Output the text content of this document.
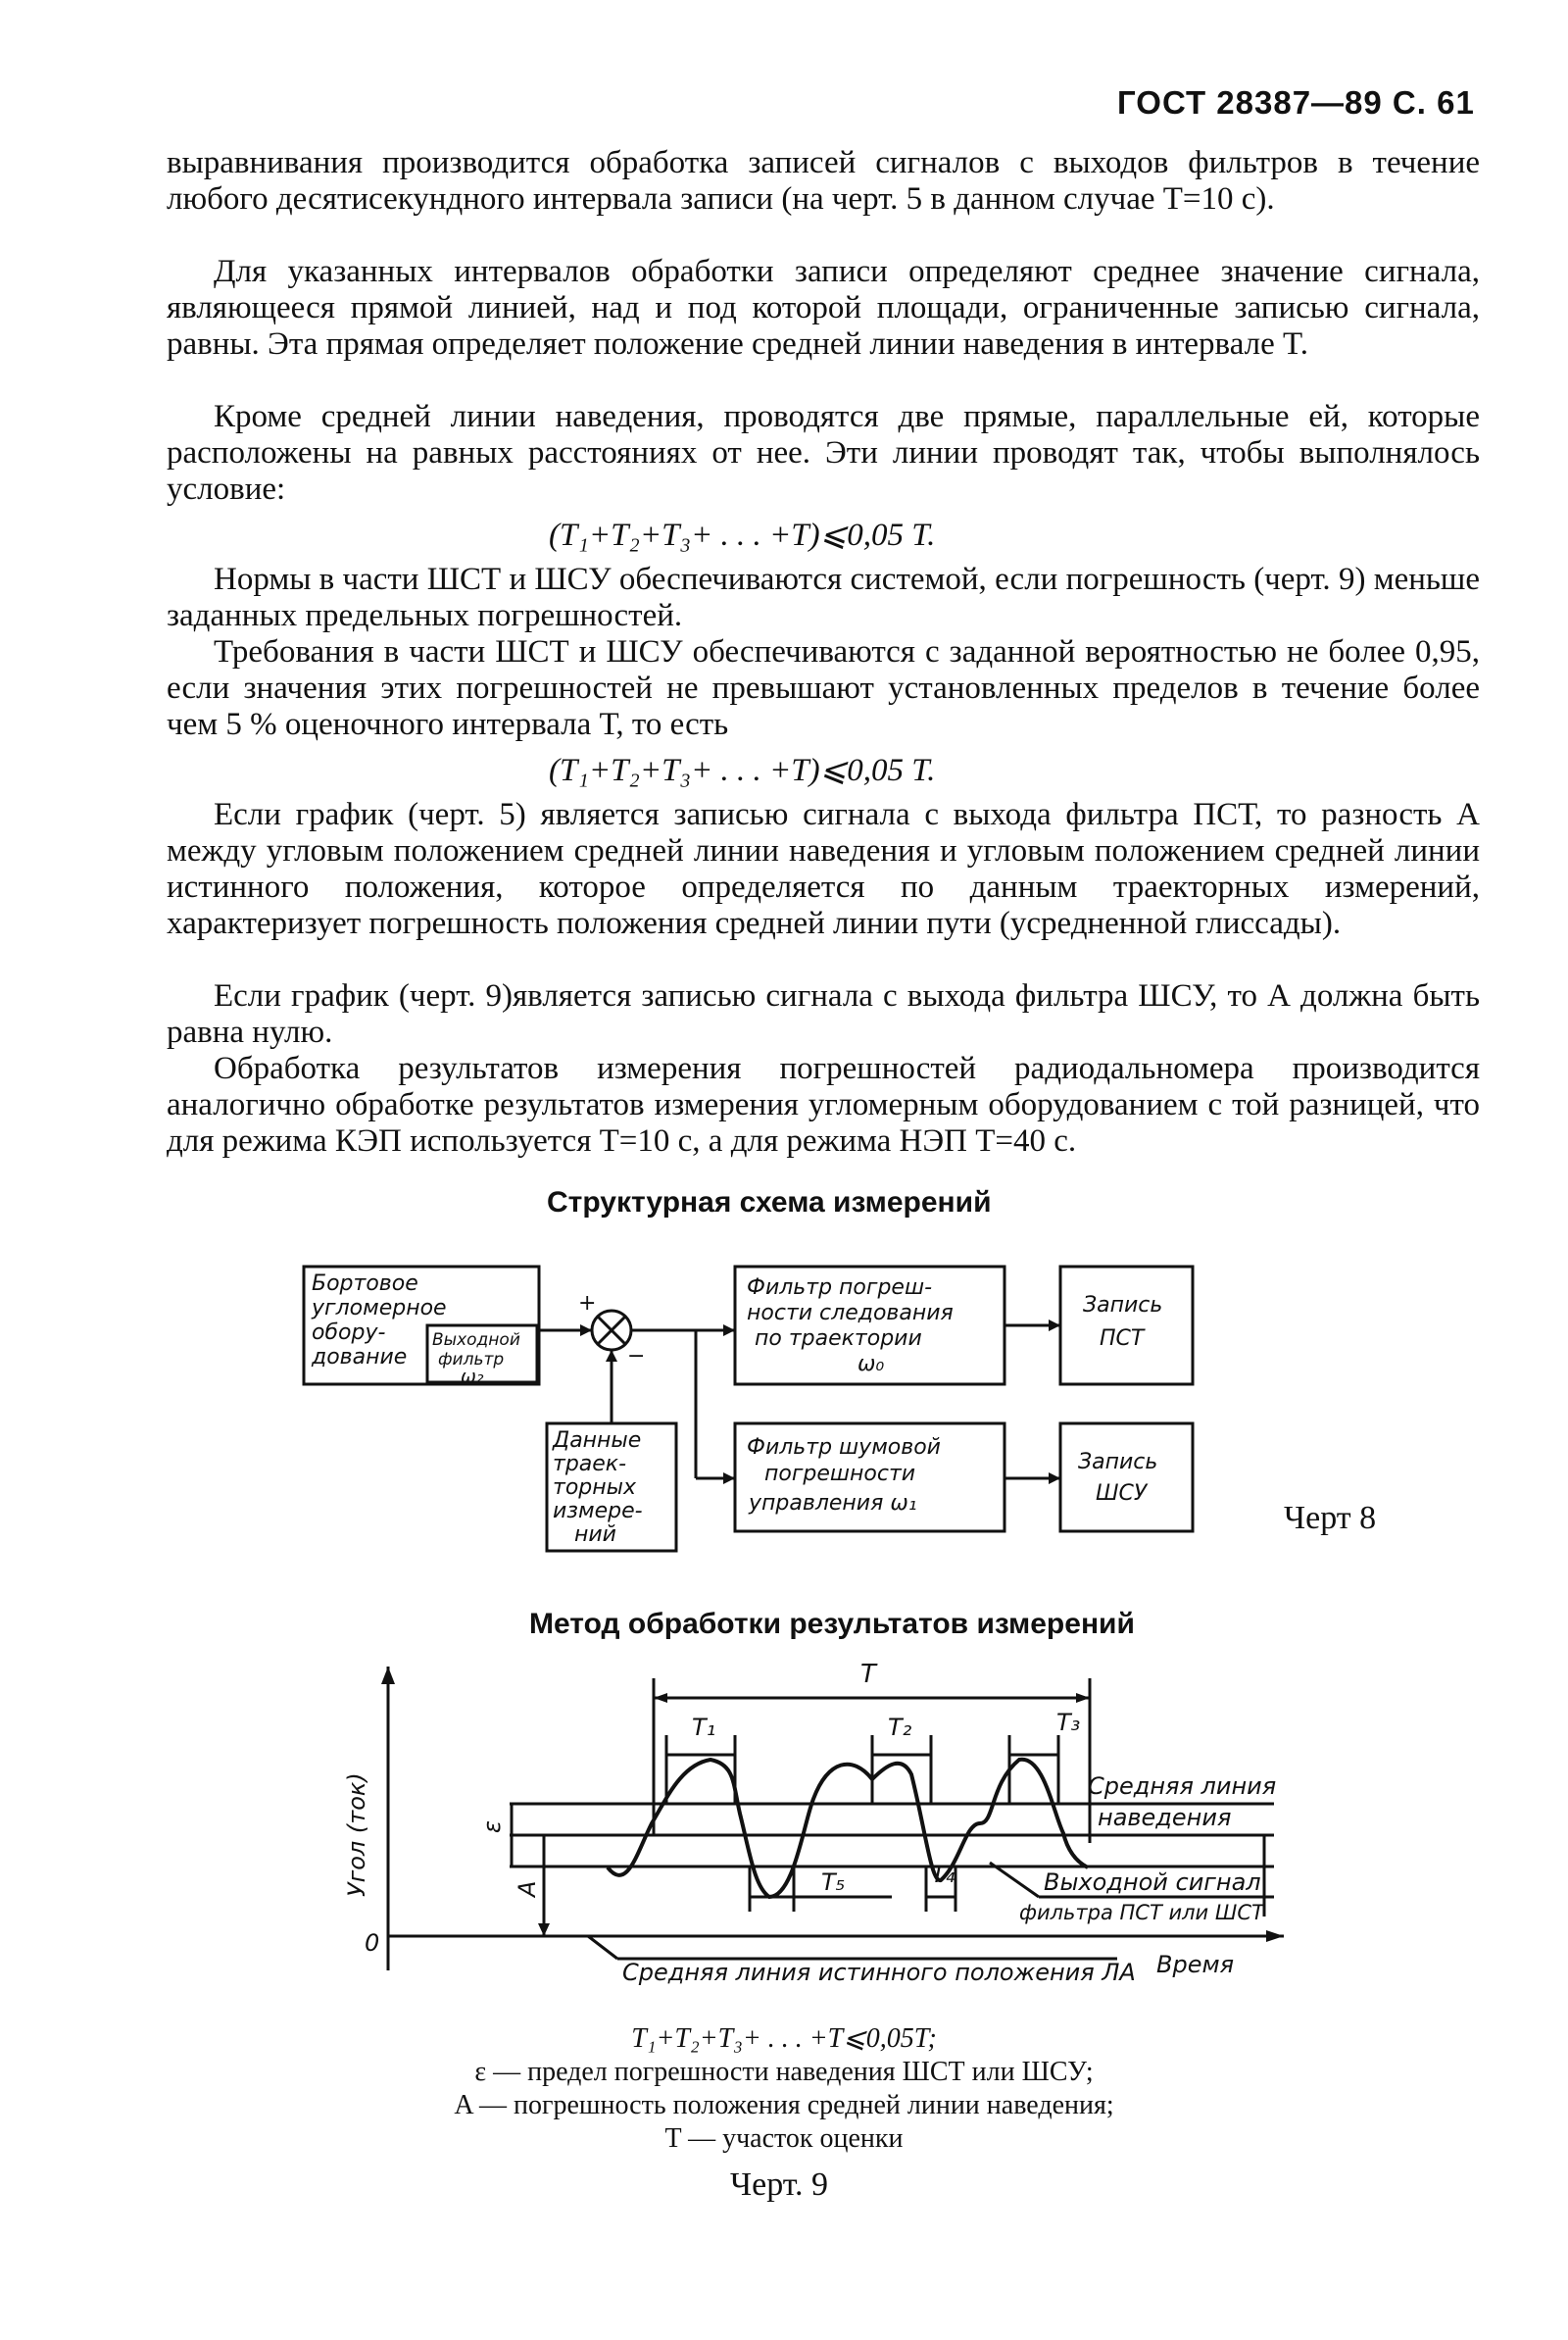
ГОСТ 28387—89 С. 61

выравнивания производится обработка записей сигналов с выходов фильтров в течение любого десятисекундного интервала записи (на черт. 5 в данном случае T=10 с).

Для указанных интервалов обработки записи определяют среднее значение сигнала, являющееся прямой линией, над и под которой площади, ограниченные записью сигнала, равны. Эта прямая определяет положение средней линии наведения в интервале T.

Кроме средней линии наведения, проводятся две прямые, параллельные ей, которые расположены на равных расстояниях от нее. Эти линии проводят так, чтобы выполнялось условие:

(T₁+T₂+T₃+ . . . +T)⩽0,05 T.

Нормы в части ШСТ и ШСУ обеспечиваются системой, если погрешность (черт. 9) меньше заданных предельных погрешностей.

Требования в части ШСТ и ШСУ обеспечиваются с заданной вероятностью не более 0,95, если значения этих погрешностей не превышают установленных пределов в течение более чем 5 % оценочного интервала Т, то есть

(T₁+T₂+T₃+ . . . +T)⩽0,05 T.

Если график (черт. 5) является записью сигнала с выхода фильтра ПСТ, то разность А между угловым положением средней линии наведения и угловым положением средней линии истинного положения, которое определяется по данным траекторных измерений, характеризует погрешность положения средней линии пути (усредненной глиссады).

Если график (черт. 9)является записью сигнала с выхода фильтра ШСУ, то А должна быть равна нулю.

Обработка результатов измерения погрешностей радиодальномера производится аналогично обработке результатов измерения угломерным оборудованием с той разницей, что для режима КЭП используется T=10 с, а для режима НЭП T=40 с.

Структурная схема измерений
+
−
Бортовое
угломерное
обору-
дование
Выходной
фильтр
ω₂
Фильтр погреш-
ности следования
по траектории
ω₀
Фильтр шумовой
погрешности
управления ω₁
Запись
ПСТ
Запись
ШСУ
Данные
траек-
торных
измере-
ний	Черт 8
Метод обработки результатов измерений
Угол (ток)
0
Время
T
T₁	T₂	T₃
T₄
T₅
ε
A
Средняя линия
наведения
Выходной сигнал
фильтра ПСТ или ШСТ
Средняя линия истинного положения ЛА
T₁+T₂+T₃+ . . . +T⩽0,05T;
ε — предел погрешности наведения ШСТ или ШСУ;
A — погрешность положения средней линии наведения;
T — участок оценки
Черт. 9
